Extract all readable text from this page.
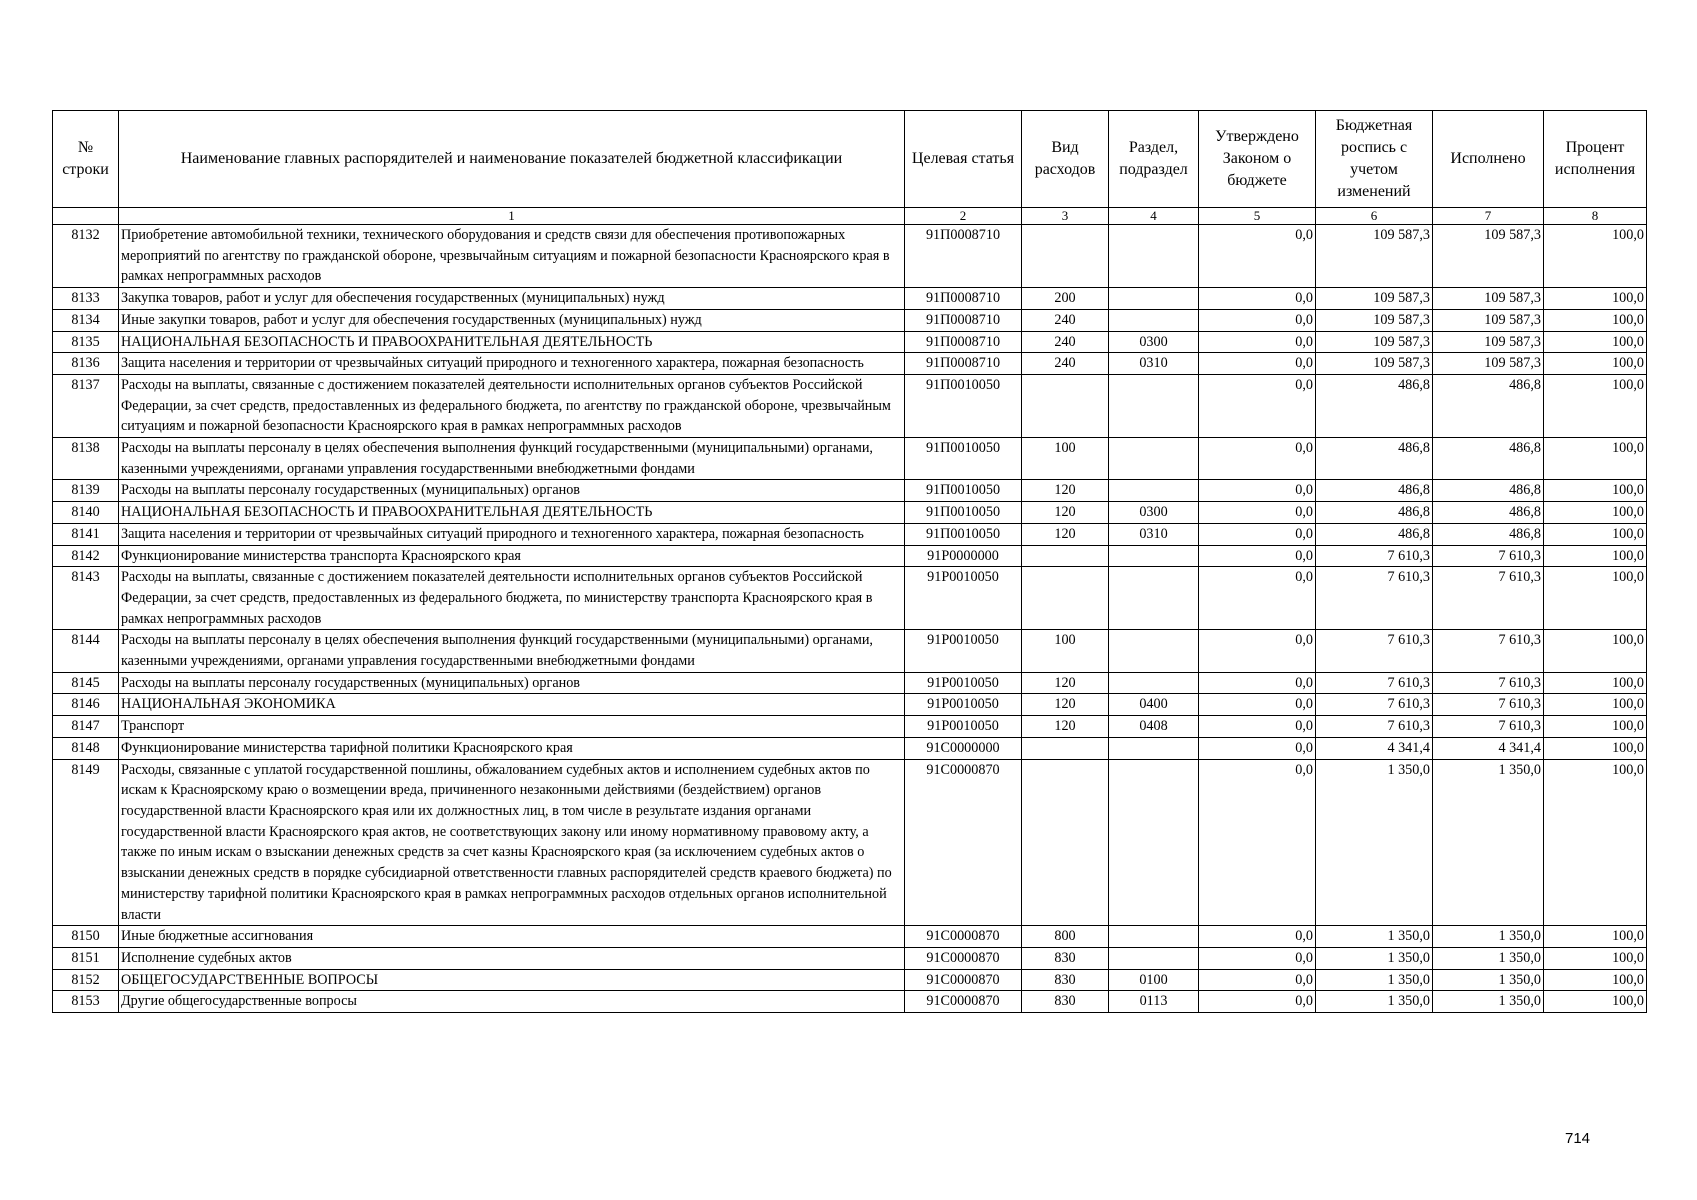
№ строки	Наименование главных распорядителей и наименование показателей бюджетной классификации	Целевая статья	Вид расходов	Раздел, подраздел	Утверждено Законом о бюджете	Бюджетная роспись с учетом изменений	Исполнено	Процент исполнения
	1	2	3	4	5	6	7	8
8132	Приобретение автомобильной техники, технического оборудования и средств связи для обеспечения противопожарных мероприятий по агентству по гражданской обороне, чрезвычайным ситуациям и пожарной безопасности Красноярского края в рамках непрограммных расходов	91П0008710			0,0	109 587,3	109 587,3	100,0
8133	Закупка товаров, работ и услуг для обеспечения государственных (муниципальных) нужд	91П0008710	200		0,0	109 587,3	109 587,3	100,0
8134	Иные закупки товаров, работ и услуг для обеспечения государственных (муниципальных) нужд	91П0008710	240		0,0	109 587,3	109 587,3	100,0
8135	НАЦИОНАЛЬНАЯ БЕЗОПАСНОСТЬ И ПРАВООХРАНИТЕЛЬНАЯ ДЕЯТЕЛЬНОСТЬ	91П0008710	240	0300	0,0	109 587,3	109 587,3	100,0
8136	Защита населения и территории от чрезвычайных ситуаций природного и техногенного характера, пожарная безопасность	91П0008710	240	0310	0,0	109 587,3	109 587,3	100,0
8137	Расходы на выплаты, связанные с достижением показателей деятельности исполнительных органов субъектов Российской Федерации, за счет средств, предоставленных из федерального бюджета, по агентству по гражданской обороне, чрезвычайным ситуациям и пожарной безопасности Красноярского края в рамках непрограммных расходов	91П0010050			0,0	486,8	486,8	100,0
8138	Расходы на выплаты персоналу в целях обеспечения выполнения функций государственными (муниципальными) органами, казенными учреждениями, органами управления государственными внебюджетными фондами	91П0010050	100		0,0	486,8	486,8	100,0
8139	Расходы на выплаты персоналу государственных (муниципальных) органов	91П0010050	120		0,0	486,8	486,8	100,0
8140	НАЦИОНАЛЬНАЯ БЕЗОПАСНОСТЬ И ПРАВООХРАНИТЕЛЬНАЯ ДЕЯТЕЛЬНОСТЬ	91П0010050	120	0300	0,0	486,8	486,8	100,0
8141	Защита населения и территории от чрезвычайных ситуаций природного и техногенного характера, пожарная безопасность	91П0010050	120	0310	0,0	486,8	486,8	100,0
8142	Функционирование министерства транспорта Красноярского края	91Р0000000			0,0	7 610,3	7 610,3	100,0
8143	Расходы на выплаты, связанные с достижением показателей деятельности исполнительных органов субъектов Российской Федерации, за счет средств, предоставленных из федерального бюджета, по министерству транспорта Красноярского края в рамках непрограммных расходов	91Р0010050			0,0	7 610,3	7 610,3	100,0
8144	Расходы на выплаты персоналу в целях обеспечения выполнения функций государственными (муниципальными) органами, казенными учреждениями, органами управления государственными внебюджетными фондами	91Р0010050	100		0,0	7 610,3	7 610,3	100,0
8145	Расходы на выплаты персоналу государственных (муниципальных) органов	91Р0010050	120		0,0	7 610,3	7 610,3	100,0
8146	НАЦИОНАЛЬНАЯ ЭКОНОМИКА	91Р0010050	120	0400	0,0	7 610,3	7 610,3	100,0
8147	Транспорт	91Р0010050	120	0408	0,0	7 610,3	7 610,3	100,0
8148	Функционирование министерства тарифной политики Красноярского края	91С0000000			0,0	4 341,4	4 341,4	100,0
8149	Расходы, связанные с уплатой государственной пошлины, обжалованием судебных актов и исполнением судебных актов по искам к Красноярскому краю о возмещении вреда, причиненного незаконными действиями (бездействием) органов государственной власти Красноярского края или их должностных лиц, в том числе в результате издания органами государственной власти Красноярского края актов, не соответствующих закону или иному нормативному правовому акту, а также по иным искам о взыскании денежных средств за счет казны Красноярского края (за исключением судебных актов о взыскании денежных средств в порядке субсидиарной ответственности главных распорядителей средств краевого бюджета) по министерству тарифной политики Красноярского края в рамках непрограммных расходов отдельных органов исполнительной власти	91С0000870			0,0	1 350,0	1 350,0	100,0
8150	Иные бюджетные ассигнования	91С0000870	800		0,0	1 350,0	1 350,0	100,0
8151	Исполнение судебных актов	91С0000870	830		0,0	1 350,0	1 350,0	100,0
8152	ОБЩЕГОСУДАРСТВЕННЫЕ ВОПРОСЫ	91С0000870	830	0100	0,0	1 350,0	1 350,0	100,0
8153	Другие общегосударственные вопросы	91С0000870	830	0113	0,0	1 350,0	1 350,0	100,0
714
